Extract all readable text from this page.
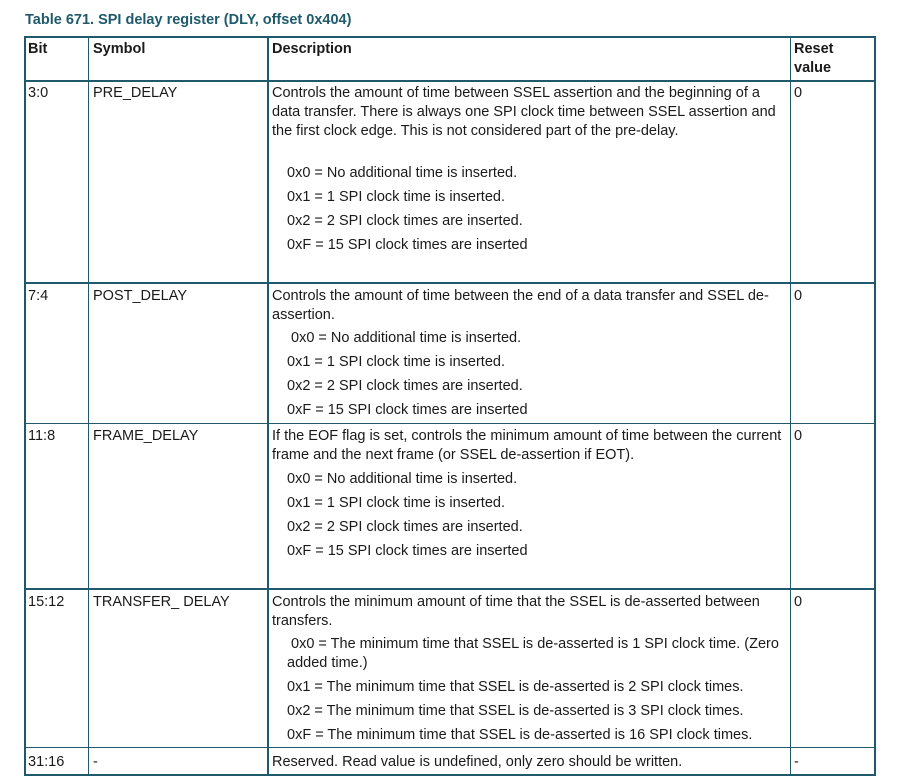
Table 671. SPI delay register (DLY, offset 0x404)
Bit	Symbol	Description	Reset
value
3:0	PRE_DELAY	Controls the amount of time between SSEL assertion and the beginning of a data transfer. There is always one SPI clock time between SSEL assertion and the first clock edge. This is not considered part of the pre-delay.
0x0 = No additional time is inserted.
0x1 = 1 SPI clock time is inserted.
0x2 = 2 SPI clock times are inserted.
0xF = 15 SPI clock times are inserted
0
7:4	POST_DELAY	Controls the amount of time between the end of a data transfer and SSEL de-assertion.
0x0 = No additional time is inserted.
0x1 = 1 SPI clock time is inserted.
0x2 = 2 SPI clock times are inserted.
0xF = 15 SPI clock times are inserted
0
11:8	FRAME_DELAY	If the EOF flag is set, controls the minimum amount of time between the current frame and the next frame (or SSEL de-assertion if EOT).
0x0 = No additional time is inserted.
0x1 = 1 SPI clock time is inserted.
0x2 = 2 SPI clock times are inserted.
0xF = 15 SPI clock times are inserted
0
15:12 TRANSFER_ DELAY	Controls the minimum amount of time that the SSEL is de-asserted between transfers.
0x0 = The minimum time that SSEL is de-asserted is 1 SPI clock time. (Zero added time.)
0x1 = The minimum time that SSEL is de-asserted is 2 SPI clock times.
0x2 = The minimum time that SSEL is de-asserted is 3 SPI clock times.
0xF = The minimum time that SSEL is de-asserted is 16 SPI clock times.
0
31:16 -	Reserved. Read value is undefined, only zero should be written.	-
